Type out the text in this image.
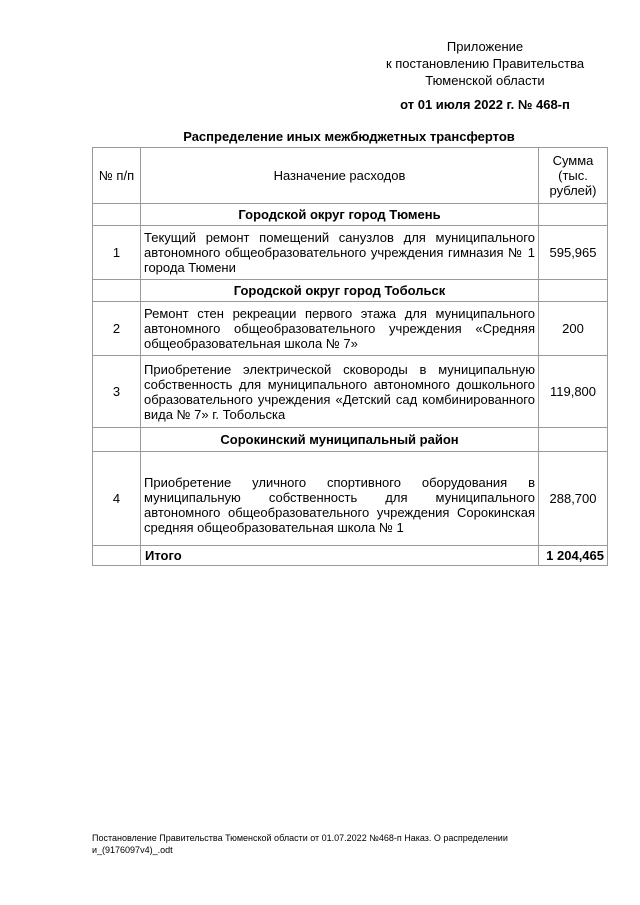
Приложение
к постановлению Правительства
Тюменской области
от 01 июля 2022 г. № 468-п
Распределение иных межбюджетных трансфертов
№ п/п	Назначение расходов	Сумма (тыс. рублей)
	Городской округ город Тюмень	
1	Текущий ремонт помещений санузлов для муниципального автономного общеобразовательного учреждения гимназия № 1 города Тюмени	595,965
	Городской округ город Тобольск	
2	Ремонт стен рекреации первого этажа для муниципального автономного общеобразовательного учреждения «Средняя общеобразовательная школа № 7»	200
3	Приобретение электрической сковороды в муниципальную собственность для муниципального автономного дошкольного образовательного учреждения «Детский сад комбинированного вида № 7» г. Тобольска	119,800
	Сорокинский муниципальный район	
4	Приобретение уличного спортивного оборудования в муниципальную собственность для муниципального автономного общеобразовательного учреждения Сорокинская средняя общеобразовательная школа № 1	288,700
	Итого	1 204,465
Постановление Правительства Тюменской области от 01.07.2022 №468-п Наказ. О распределении и_(9176097v4)_.odt
